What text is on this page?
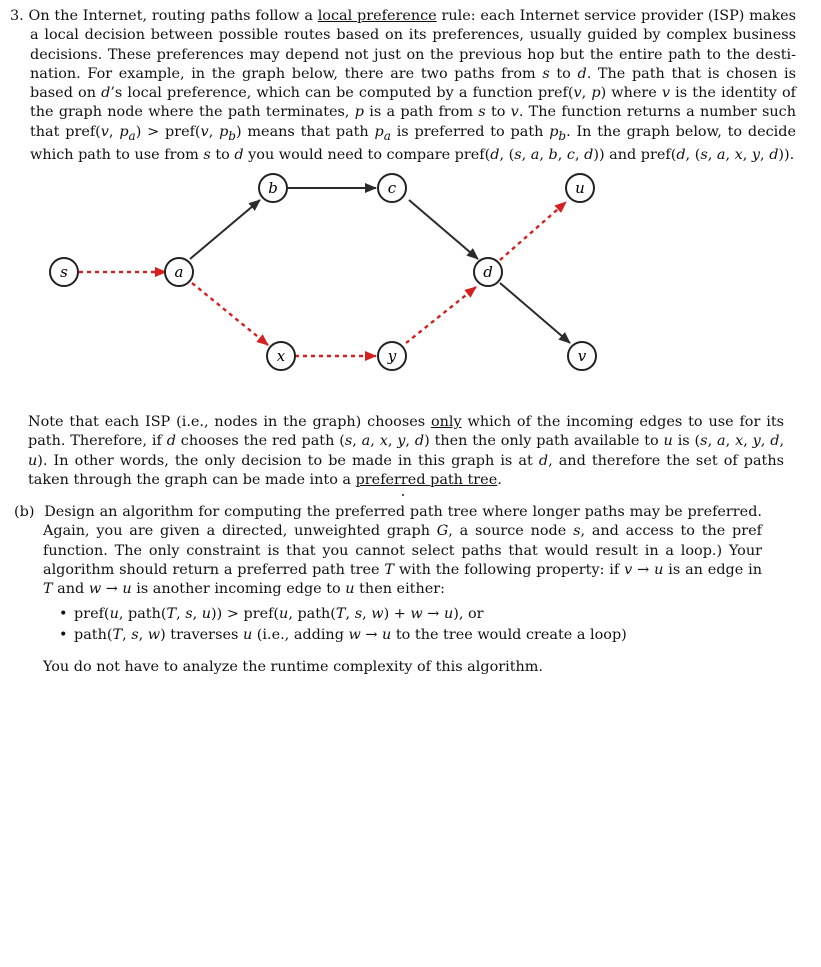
3. On the Internet, routing paths follow a local preference rule: each Internet service provider (ISP) makes a local decision between possible routes based on its preferences, usually guided by complex business decisions. These preferences may depend not just on the previous hop but the entire path to the desti- nation. For example, in the graph below, there are two paths from s to d. The path that is chosen is based on d’s local preference, which can be computed by a function pref(v, p) where v is the identity of the graph node where the path terminates, p is a path from s to v. The function returns a number such that pref(v, $p_a$) > pref(v, $p_b$) means that path $p_a$ is preferred to path $p_b$. In the graph below, to decide which path to use from s to d you would need to compare pref(d, (s, a, b, c, d)) and pref(d, (s, a, x, y, d)).
s	a
b	c
d
u
x	y	v
Note that each ISP (i.e., nodes in the graph) chooses only which of the incoming edges to use for its path. Therefore, if d chooses the red path (s, a, x, y, d) then the only path available to u is (s, a, x, y, d, u). In other words, the only decision to be made in this graph is at d, and therefore the set of paths taken through the graph can be made into a preferred path tree.
(b) Design an algorithm for computing the preferred path tree where longer paths may be preferred. Again, you are given a directed, unweighted graph G, a source node s, and access to the pref function. The only constraint is that you cannot select paths that would result in a loop.) Your algorithm should return a preferred path tree T with the following property: if v → u is an edge in T and w → u is another incoming edge to u then either:
• pref(u, path(T, s, u)) > pref(u, path(T, s, w) + w → u), or
• path(T, s, w) traverses u (i.e., adding w → u to the tree would create a loop)
You do not have to analyze the runtime complexity of this algorithm.
